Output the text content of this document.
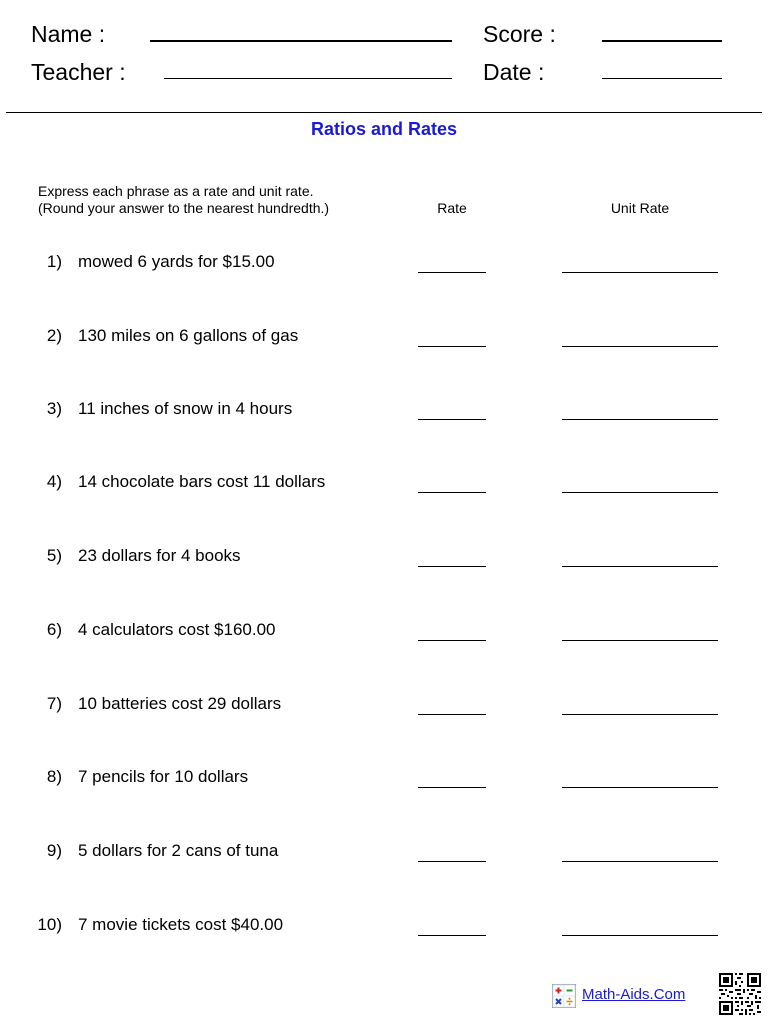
Name :
Teacher :
Score :
Date :
Ratios and Rates
Express each phrase as a rate and unit rate.
(Round your answer to the nearest hundredth.)	Rate	Unit Rate
1) mowed 6 yards for $15.00
2) 130 miles on 6 gallons of gas
3) 11 inches of snow in 4 hours
4) 14 chocolate bars cost 11 dollars
5) 23 dollars for 4 books
6) 4 calculators cost $160.00
7) 10 batteries cost 29 dollars
8) 7 pencils for 10 dollars
9) 5 dollars for 2 cans of tuna
10) 7 movie tickets cost $40.00
Math-Aids.Com
